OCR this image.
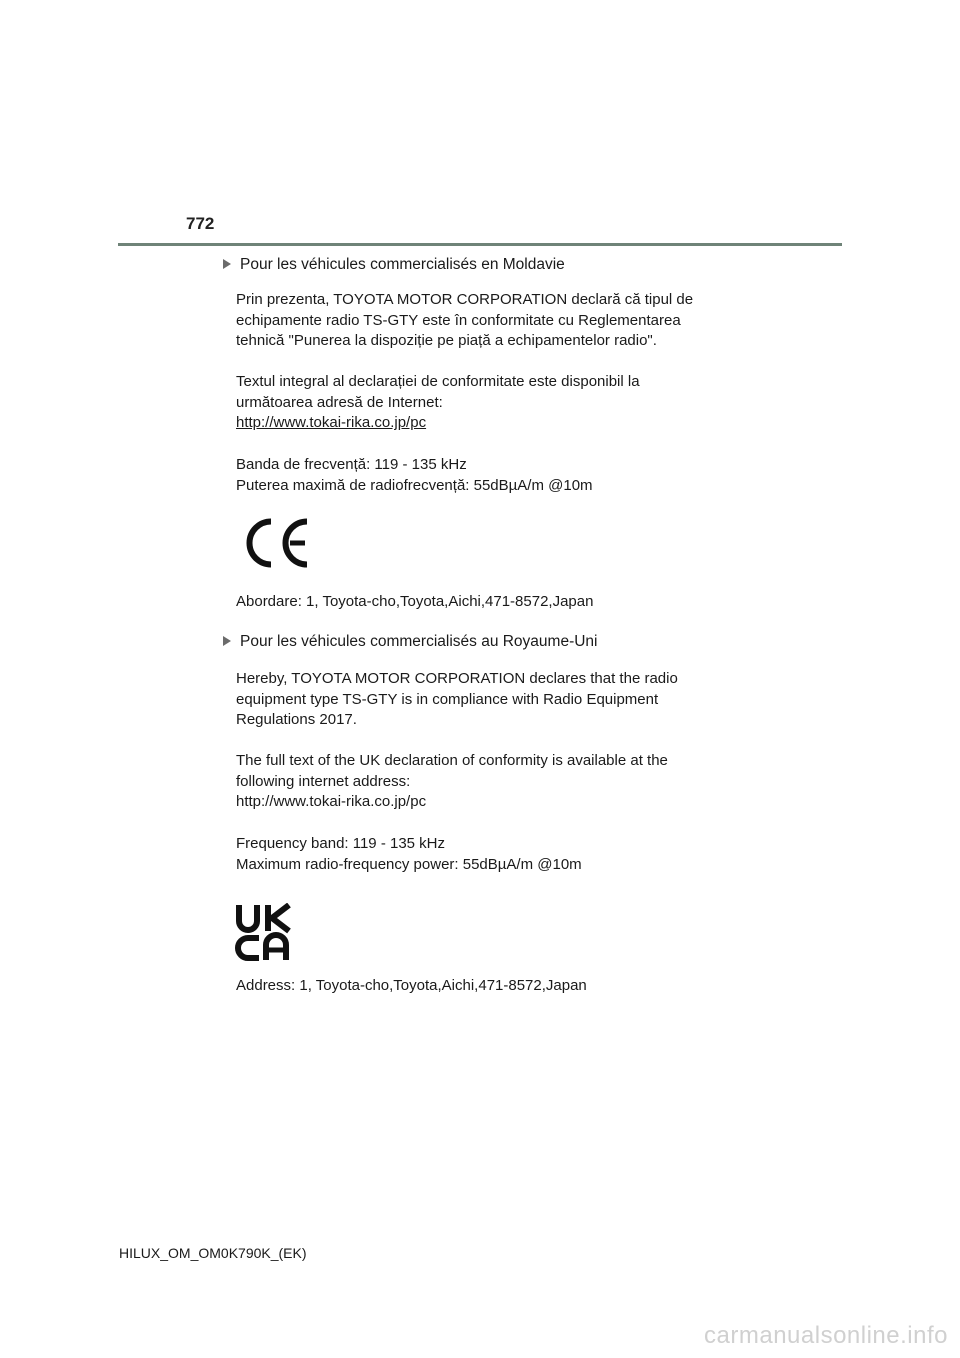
772
Pour les véhicules commercialisés en Moldavie
Prin prezenta, TOYOTA MOTOR CORPORATION declară că tipul de
echipamente radio TS-GTY este în conformitate cu Reglementarea
tehnică "Punerea la dispoziție pe piață a echipamentelor radio".
Textul integral al declarației de conformitate este disponibil la
următoarea adresă de Internet:
http://www.tokai-rika.co.jp/pc
Banda de frecvență: 119 - 135 kHz
Puterea maximă de radiofrecvență: 55dBµA/m @10m
Abordare: 1, Toyota-cho,Toyota,Aichi,471-8572,Japan
Pour les véhicules commercialisés au Royaume-Uni
Hereby, TOYOTA MOTOR CORPORATION declares that the radio
equipment type TS-GTY is in compliance with Radio Equipment
Regulations 2017.
The full text of the UK declaration of conformity is available at the
following internet address:
http://www.tokai-rika.co.jp/pc
Frequency band: 119 - 135 kHz
Maximum radio-frequency power: 55dBµA/m @10m
Address: 1, Toyota-cho,Toyota,Aichi,471-8572,Japan
HILUX_OM_OM0K790K_(EK)
carmanualsonline.info
